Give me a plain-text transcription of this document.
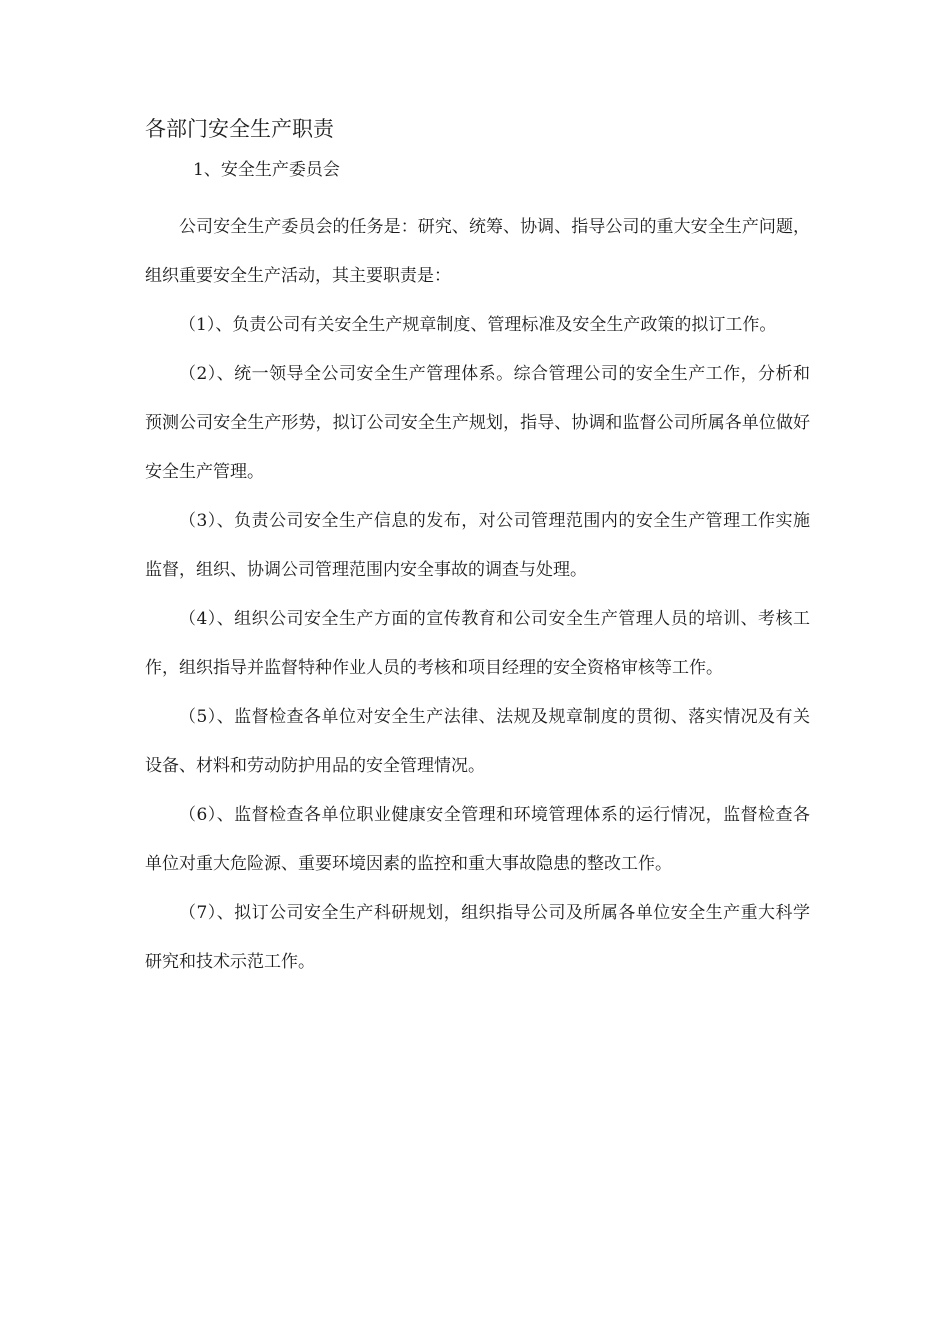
各部门安全生产职责
1、安全生产委员会

公司安全生产委员会的任务是：研究、统筹、协调、指导公司的重大安全生产问题，组织重要安全生产活动，其主要职责是：

（1）、负责公司有关安全生产规章制度、管理标准及安全生产政策的拟订工作。

（2）、统一领导全公司安全生产管理体系。综合管理公司的安全生产工作，分析和预测公司安全生产形势，拟订公司安全生产规划，指导、协调和监督公司所属各单位做好安全生产管理。

（3）、负责公司安全生产信息的发布，对公司管理范围内的安全生产管理工作实施监督，组织、协调公司管理范围内安全事故的调查与处理。

（4）、组织公司安全生产方面的宣传教育和公司安全生产管理人员的培训、考核工作，组织指导并监督特种作业人员的考核和项目经理的安全资格审核等工作。

（5）、监督检查各单位对安全生产法律、法规及规章制度的贯彻、落实情况及有关设备、材料和劳动防护用品的安全管理情况。

（6）、监督检查各单位职业健康安全管理和环境管理体系的运行情况，监督检查各单位对重大危险源、重要环境因素的监控和重大事故隐患的整改工作。

（7）、拟订公司安全生产科研规划，组织指导公司及所属各单位安全生产重大科学研究和技术示范工作。
